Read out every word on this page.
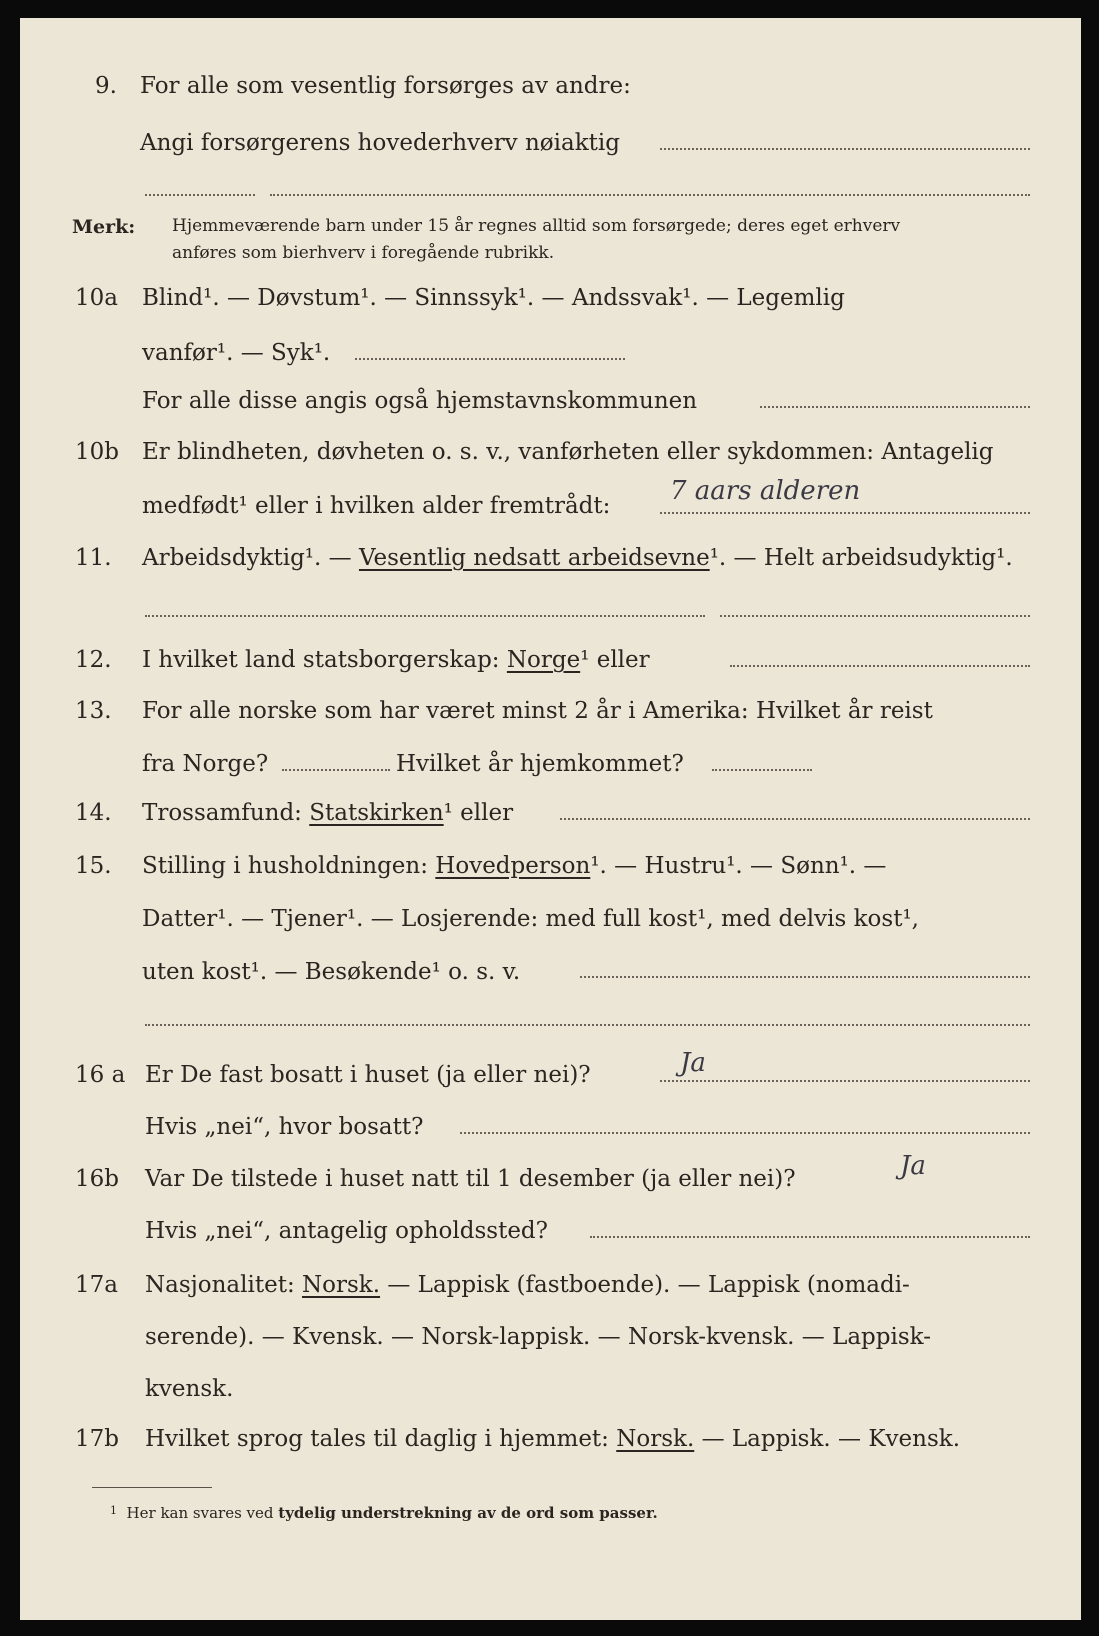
9. For alle som vesentlig forsørges av andre:
Angi forsørgerens hovederhverv nøiaktig
Merk: Hjemmeværende barn under 15 år regnes alltid som forsørgede; deres eget erhverv
anføres som bierhverv i foregående rubrikk.
10a Blind¹. — Døvstum¹. — Sinnssyk¹. — Andssvak¹. — Legemlig
vanfør¹. — Syk¹.
For alle disse angis også hjemstavnskommunen
10b Er blindheten, døvheten o. s. v., vanførheten eller sykdommen: Antagelig
medfødt¹ eller i hvilken alder fremtrådt: 7 aars alderen
11. Arbeidsdyktig¹. — Vesentlig nedsatt arbeidsevne¹. — Helt arbeidsudyktig¹.
12. I hvilket land statsborgerskap: Norge¹ eller
13. For alle norske som har været minst 2 år i Amerika: Hvilket år reist
fra Norge?	Hvilket år hjemkommet?
14. Trossamfund: Statskirken¹ eller
15. Stilling i husholdningen: Hovedperson¹. — Hustru¹. — Sønn¹. —
Datter¹. — Tjener¹. — Losjerende: med full kost¹, med delvis kost¹,
uten kost¹. — Besøkende¹ o. s. v.
16 a Er De fast bosatt i huset (ja eller nei)?	Ja
Hvis „nei“, hvor bosatt?
16b Var De tilstede i huset natt til 1 desember (ja eller nei)?	Ja
Hvis „nei“, antagelig opholdssted?
17a Nasjonalitet: Norsk. — Lappisk (fastboende). — Lappisk (nomadi-
serende). — Kvensk. — Norsk-lappisk. — Norsk-kvensk. — Lappisk-
kvensk.
17b Hvilket sprog tales til daglig i hjemmet: Norsk. — Lappisk. — Kvensk.
$^1$ Her kan svares ved tydelig understrekning av de ord som passer.
